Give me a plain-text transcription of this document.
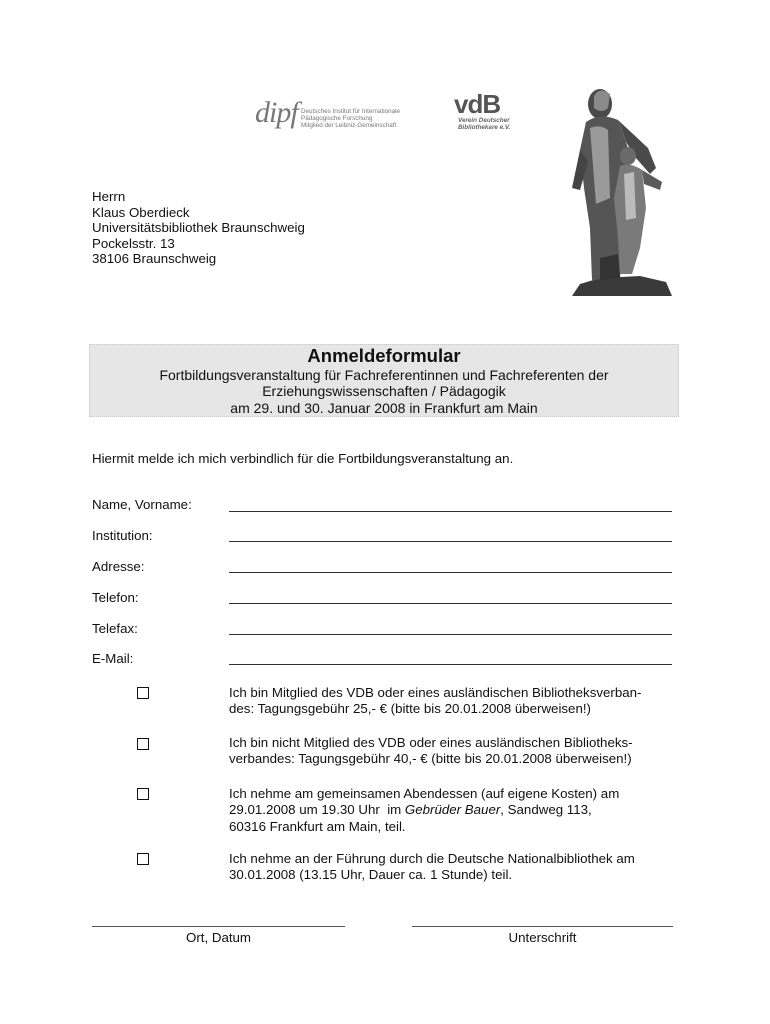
dipf Deutsches Institut für Internationale
Pädagogische Forschung
Mitglied der Leibniz-Gemeinschaft
vdB
Verein Deutscher
Bibliothekare e.V.
Herrn
Klaus Oberdieck
Universitätsbibliothek Braunschweig
Pockelsstr. 13
38106 Braunschweig
Anmeldeformular
Fortbildungsveranstaltung für Fachreferentinnen und Fachreferenten der
Erziehungswissenschaften / Pädagogik
am 29. und 30. Januar 2008 in Frankfurt am Main
Hiermit melde ich mich verbindlich für die Fortbildungsveranstaltung an.
Name, Vorname:
Institution:
Adresse:
Telefon:
Telefax:
E-Mail:
Ich bin Mitglied des VDB oder eines ausländischen Bibliotheksverban-
des: Tagungsgebühr 25,- € (bitte bis 20.01.2008 überweisen!)
Ich bin nicht Mitglied des VDB oder eines ausländischen Bibliotheks-
verbandes: Tagungsgebühr 40,- € (bitte bis 20.01.2008 überweisen!)
Ich nehme am gemeinsamen Abendessen (auf eigene Kosten) am
29.01.2008 um 19.30 Uhr  im Gebrüder Bauer, Sandweg 113,
60316 Frankfurt am Main, teil.
Ich nehme an der Führung durch die Deutsche Nationalbibliothek am
30.01.2008 (13.15 Uhr, Dauer ca. 1 Stunde) teil.
Ort, Datum	Unterschrift
